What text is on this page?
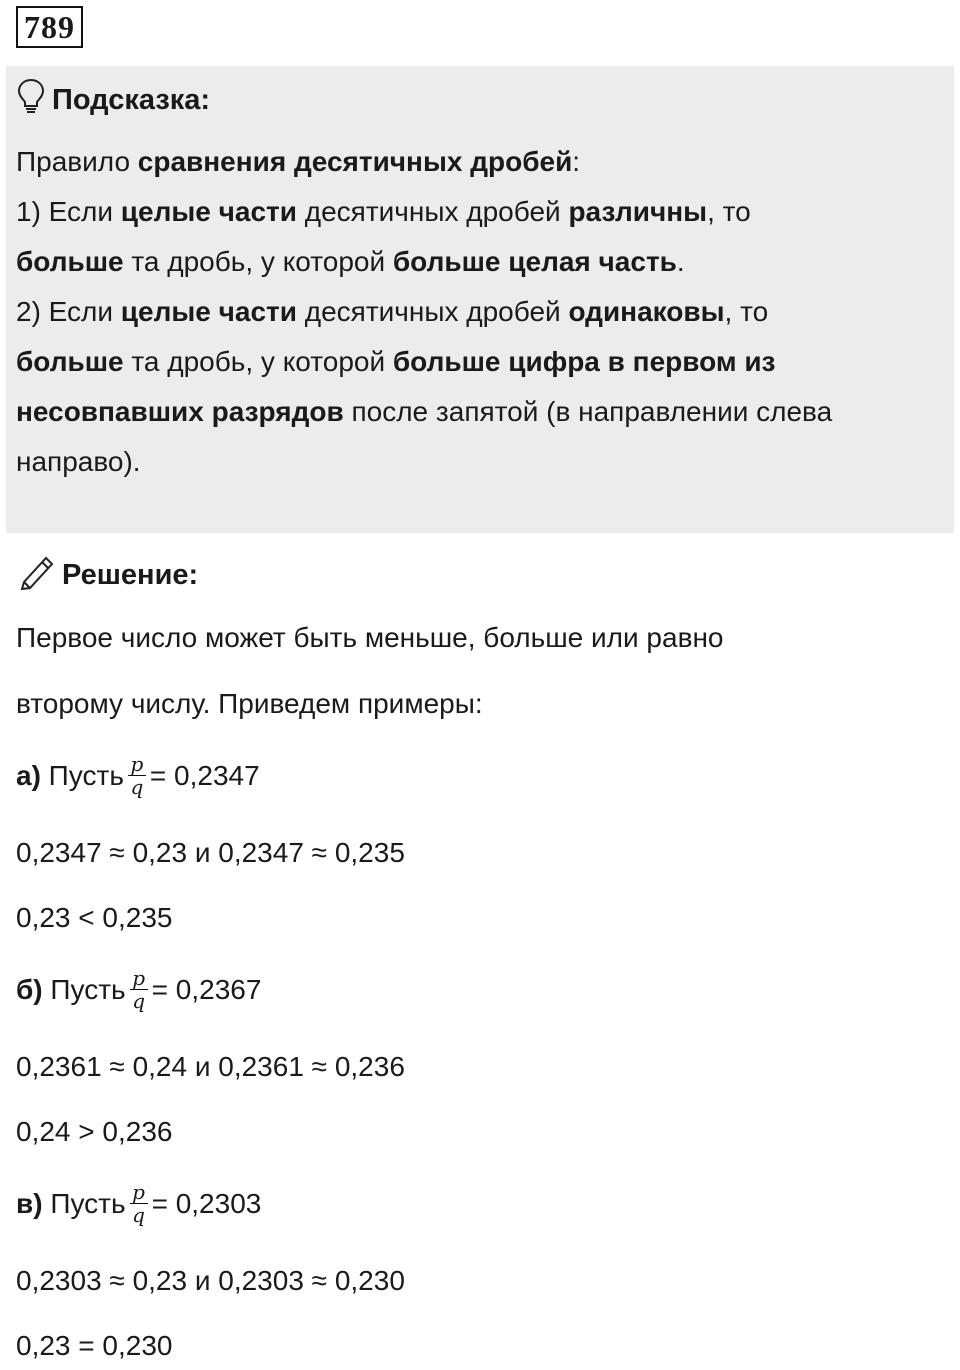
789
Подсказка:

Правило сравнения десятичных дробей:

1) Если целые части десятичных дробей различны, то
больше та дробь, у которой больше целая часть.

2) Если целые части десятичных дробей одинаковы, то
больше та дробь, у которой больше цифра в первом из несовпавших разрядов после запятой (в направлении слева направо).

Решение:
Первое число может быть меньше, больше или равно
второму числу. Приведем примеры:
а) Пусть $\frac{p}{q} = 0,2347$
0,2347 ≈ 0,23 и 0,2347 ≈ 0,235
0,23 < 0,235
б) Пусть $\frac{p}{q} = 0,2367$
0,2361 ≈ 0,24 и 0,2361 ≈ 0,236
0,24 > 0,236
в) Пусть $\frac{p}{q} = 0,2303$
0,2303 ≈ 0,23 и 0,2303 ≈ 0,230
0,23 = 0,230
